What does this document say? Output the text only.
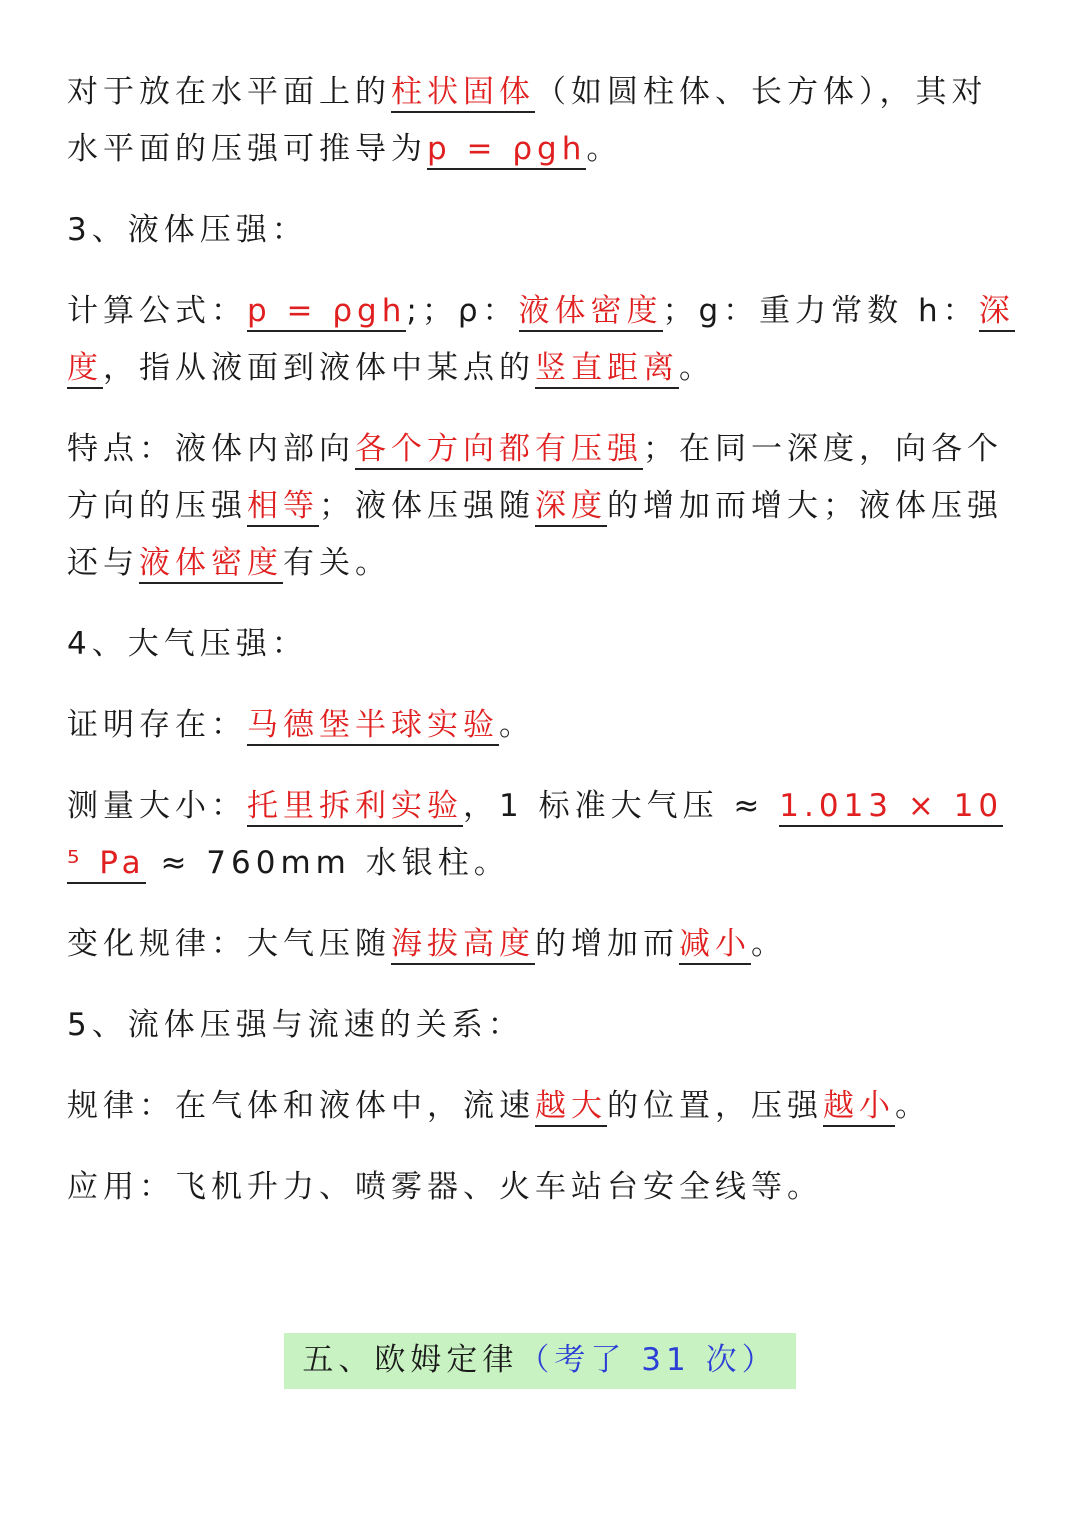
对于放在水平面上的柱状固体（如圆柱体、长方体），其对水平面的压强可推导为p = ρgh。
3、液体压强：
计算公式：p = ρgh;；ρ：液体密度；g：重力常数 h：深度，指从液面到液体中某点的竖直距离。
特点：液体内部向各个方向都有压强；在同一深度，向各个方向的压强相等；液体压强随深度的增加而增大；液体压强还与液体密度有关。
4、大气压强：
证明存在：马德堡半球实验。
测量大小：托里拆利实验，1 标准大气压 ≈ 1.013 × 10⁵ Pa ≈ 760mm 水银柱。
变化规律：大气压随海拔高度的增加而减小。
5、流体压强与流速的关系：
规律：在气体和液体中，流速越大的位置，压强越小。
应用：飞机升力、喷雾器、火车站台安全线等。
五、欧姆定律（考了 31 次）
